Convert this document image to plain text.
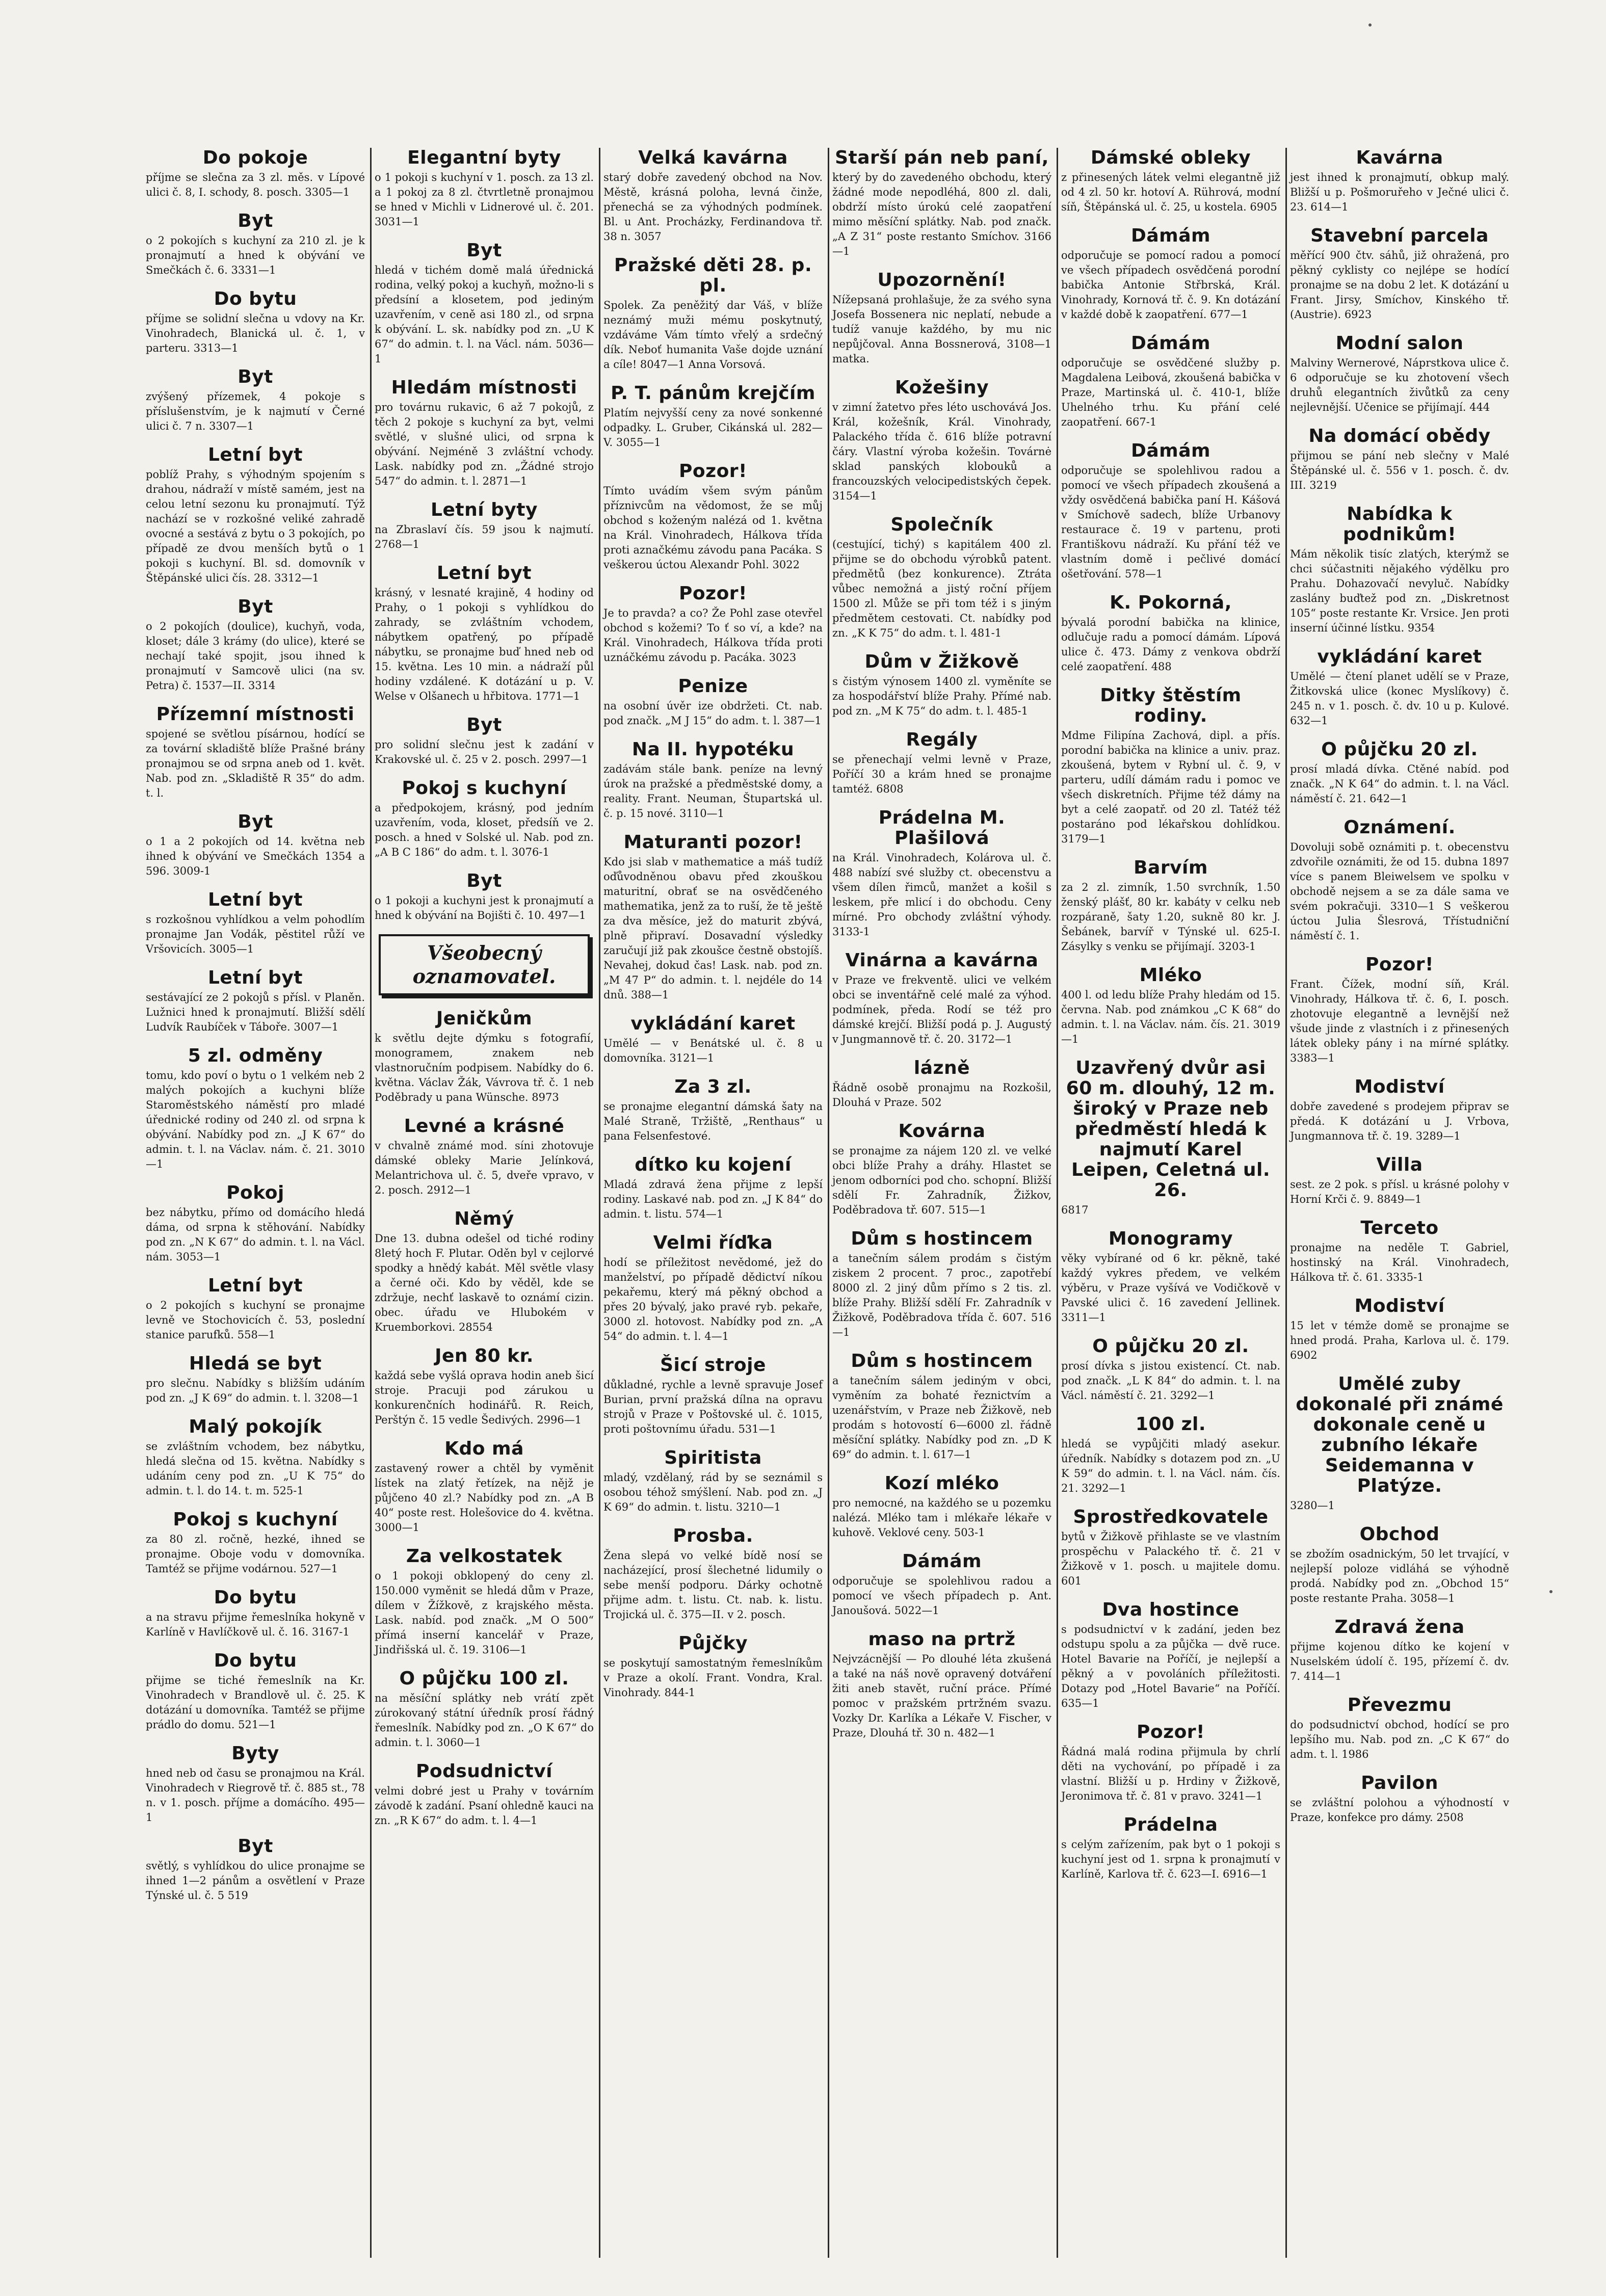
Do pokoje

příjme se slečna za 3 zl. měs. v Lípové ulici č. 8, I. schody, 8. posch. 3305—1

Byt

o 2 pokojích s kuchyní za 210 zl. je k pronajmutí a hned k obývání ve Smečkách č. 6. 3331—1

Do bytu

příjme se solidní slečna u vdovy na Kr. Vinohradech, Blanická ul. č. 1, v parteru. 3313—1

Byt

zvýšený přízemek, 4 pokoje s příslušenstvím, je k najmutí v Černé ulici č. 7 n. 3307—1

Letní byt

poblíž Prahy, s výhodným spojením s drahou, nádraží v místě samém, jest na celou letní sezonu ku pronajmutí. Týž nachází se v rozkošné veliké zahradě ovocné a sestává z bytu o 3 pokojích, po případě ze dvou menších bytů o 1 pokoji s kuchyní. Bl. sd. domovník v Štěpánské ulici čís. 28. 3312—1

Byt

o 2 pokojích (doulice), kuchyň, voda, kloset; dále 3 krámy (do ulice), které se nechají také spojit, jsou ihned k pronajmutí v Samcově ulici (na sv. Petra) č. 1537—II. 3314

Přízemní místnosti

spojené se světlou písárnou, hodící se za tovární skladiště blíže Prašné brány pronajmou se od srpna aneb od 1. květ. Nab. pod zn. „Skladiště R 35“ do adm. t. l.

Byt

o 1 a 2 pokojích od 14. května neb ihned k obývání ve Smečkách 1354 a 596. 3009-1

Letní byt

s rozkošnou vyhlídkou a velm pohodlím pronajme Jan Vodák, pěstitel růží ve Vršovicích. 3005—1

Letní byt

sestávající ze 2 pokojů s přísl. v Planěn. Lužnici hned k pronajmutí. Bližší sdělí Ludvík Raubíček v Táboře. 3007—1

5 zl. odměny

tomu, kdo poví o bytu o 1 velkém neb 2 malých pokojích a kuchyni blíže Staroměstského náměstí pro mladé úřednické rodiny od 240 zl. od srpna k obývání. Nabídky pod zn. „J K 67“ do admin. t. l. na Václav. nám. č. 21. 3010—1

Pokoj

bez nábytku, přímo od domácího hledá dáma, od srpna k stěhování. Nabídky pod zn. „N K 67“ do admin. t. l. na Václ. nám. 3053—1

Letní byt

o 2 pokojích s kuchyní se pronajme levně ve Stochovicích č. 53, poslední stanice parufků. 558—1

Hledá se byt

pro slečnu. Nabídky s bližším udáním pod zn. „J K 69“ do admin. t. l. 3208—1

Malý pokojík

se zvláštním vchodem, bez nábytku, hledá slečna od 15. května. Nabídky s udáním ceny pod zn. „U K 75“ do admin. t. l. do 14. t. m. 525-1

Pokoj s kuchyní

za 80 zl. ročně, hezké, ihned se pronajme. Oboje vodu v domovníka. Tamtéž se přijme vodárnou. 527—1

Do bytu

a na stravu přijme řemeslníka hokyně v Karlíně v Havlíčkově ul. č. 16. 3167-1

Do bytu

přijme se tiché řemeslník na Kr. Vinohradech v Brandlově ul. č. 25. K dotázání u domovníka. Tamtéž se přijme prádlo do domu. 521—1

Byty

hned neb od času se pronajmou na Král. Vinohradech v Riegrově tř. č. 885 st., 78 n. v 1. posch. příjme a domácího. 495—1

Byt

světlý, s vyhlídkou do ulice pronajme se ihned 1—2 pánům a osvětlení v Praze Týnské ul. č. 5 519

Elegantní byty

o 1 pokoji s kuchyní v 1. posch. za 13 zl. a 1 pokoj za 8 zl. čtvrtletně pronajmou se hned v Michli v Lidnerové ul. č. 201. 3031—1

Byt

hledá v tichém domě malá úřednická rodina, velký pokoj a kuchyň, možno-li s předsíní a klosetem, pod jediným uzavřením, v ceně asi 180 zl., od srpna k obývání. L. sk. nabídky pod zn. „U K 67“ do admin. t. l. na Václ. nám. 5036—1

Hledám místnosti

pro továrnu rukavic, 6 až 7 pokojů, z těch 2 pokoje s kuchyní za byt, velmi světlé, v slušné ulici, od srpna k obývání. Nejméně 3 zvláštní vchody. Lask. nabídky pod zn. „Žádné strojo 547“ do admin. t. l. 2871—1

Letní byty

na Zbraslaví čís. 59 jsou k najmutí. 2768—1

Letní byt

krásný, v lesnaté krajině, 4 hodiny od Prahy, o 1 pokoji s vyhlídkou do zahrady, se zvláštním vchodem, nábytkem opatřený, po případě nábytku, se pronajme buď hned neb od 15. května. Les 10 min. a nádraží půl hodiny vzdálené. K dotázání u p. V. Welse v Olšanech u hřbitova. 1771—1

Byt

pro solidní slečnu jest k zadání v Krakovské ul. č. 25 v 2. posch. 2997—1

Pokoj s kuchyní

a předpokojem, krásný, pod jedním uzavřením, voda, kloset, předsíň ve 2. posch. a hned v Solské ul. Nab. pod zn. „A B C 186“ do adm. t. l. 3076-1

Byt

o 1 pokoji a kuchyni jest k pronajmutí a hned k obývání na Bojišti č. 10. 497—1

Všeobecný oznamovatel.
Jeničkům

k světlu dejte dýmku s fotografií, monogramem, znakem neb vlastnoručním podpisem. Nabídky do 6. května. Václav Žák, Vávrova tř. č. 1 neb Poděbrady u pana Wünsche. 8973

Levné a krásné

v chvalně známé mod. síni zhotovuje dámské obleky Marie Jelínková, Melantrichova ul. č. 5, dveře vpravo, v 2. posch. 2912—1

Němý

Dne 13. dubna odešel od tiché rodiny 8letý hoch F. Plutar. Oděn byl v cejlorvé spodky a hnědý kabát. Měl světle vlasy a černé oči. Kdo by věděl, kde se zdržuje, nechť laskavě to oznámí cizin. obec. úřadu ve Hlubokém v Kruemborkovi. 28554

Jen 80 kr.

každá sebe vyšlá oprava hodin aneb šicí stroje. Pracuji pod zárukou u konkurenčních hodinářů. R. Reich, Perštýn č. 15 vedle Šedivých. 2996—1

Kdo má

zastavený rower a chtěl by vyměnit lístek na zlatý řetízek, na nějž je půjčeno 40 zl.? Nabídky pod zn. „A B 40“ poste rest. Holešovice do 4. května. 3000—1

Za velkostatek

o 1 pokoji obklopený do ceny zl. 150.000 vyměnit se hledá dům v Praze, dílem v Žížkově, z krajského města. Lask. nabíd. pod značk. „M O 500“ přímá inserní kancelář v Praze, Jindřišská ul. č. 19. 3106—1

O půjčku 100 zl.

na měsíční splátky neb vrátí zpět zúrokovaný státní úředník prosí řádný řemeslník. Nabídky pod zn. „O K 67“ do admin. t. l. 3060—1

Podsudnictví

velmi dobré jest u Prahy v továrním závodě k zadání. Psaní ohledně kauci na zn. „R K 67“ do adm. t. l. 4—1

Velká kavárna

starý dobře zavedený obchod na Nov. Městě, krásná poloha, levná činže, přenechá se za výhodných podmínek. Bl. u Ant. Procházky, Ferdinandova tř. 38 n. 3057

Pražské děti 28. p. pl.

Spolek. Za peněžitý dar Váš, v blíže neznámý muži mému poskytnutý, vzdáváme Vám tímto vřelý a srdečný dík. Neboť humanita Vaše dojde uznání a cíle! 8047—1 Anna Vorsová.

P. T. pánům krejčím

Platím nejvyšší ceny za nové sonkenné odpadky. L. Gruber, Cikánská ul. 282—V. 3055—1

Pozor!

Tímto uvádím všem svým pánům příznivcům na vědomost, že se můj obchod s koženým nalézá od 1. května na Král. Vinohradech, Hálkova třída proti aznačkému závodu pana Pacáka. S veškerou úctou Alexandr Pohl. 3022

Pozor!

Je to pravda? a co? Že Pohl zase otevřel obchod s kožemi? To ť so ví, a kde? na Král. Vinohradech, Hálkova třída proti uznáčkému závodu p. Pacáka. 3023

Penize

na osobní úvěr ize obdržeti. Ct. nab. pod značk. „M J 15“ do adm. t. l. 387—1

Na II. hypotéku

zadávám stále bank. peníze na levný úrok na pražské a předměstské domy, a reality. Frant. Neuman, Štupartská ul. č. p. 15 nové. 3110—1

Maturanti pozor!

Kdo jsi slab v mathematice a máš tudíž oďůvodněnou obavu před zkouškou maturitní, obrať se na osvědčeného mathematika, jenž za to ruší, že tě ještě za dva měsíce, jež do maturit zbývá, plně připraví. Dosavadní výsledky zaručují již pak zkoušce čestně obstojíš. Nevahej, dokud čas! Lask. nab. pod zn. „M 47 P“ do admin. t. l. nejdéle do 14 dnů. 388—1

vykládání karet

Umělé — v Benátské ul. č. 8 u domovníka. 3121—1

Za 3 zl.

se pronajme elegantní dámská šaty na Malé Straně, Tržiště, „Renthaus“ u pana Felsenfestové.

dítko ku kojení

Mladá zdravá žena přijme z lepší rodiny. Laskavé nab. pod zn. „J K 84“ do admin. t. listu. 574—1

Velmi říďka

hodí se příležitost nevědomé, jež do manželství, po případě dědictví níkou pekařemu, který má pěkný obchod a přes 20 bývalý, jako pravé ryb. pekaře, 3000 zl. hotovost. Nabídky pod zn. „A 54“ do admin. t. l. 4—1

Šicí stroje

důkladné, rychle a levně spravuje Josef Burian, první pražská dílna na opravu strojů v Praze v Poštovské ul. č. 1015, proti poštovnímu úřadu. 531—1

Spiritista

mladý, vzdělaný, rád by se seznámil s osobou téhož smýšlení. Nab. pod zn. „J K 69“ do admin. t. listu. 3210—1

Prosba.

Žena slepá vo velké bídě nosí se nacházející, prosí šlechetné lidumily o sebe menší podporu. Dárky ochotně přijme adm. t. listu. Ct. nab. k. listu. Trojická ul. č. 375—II. v 2. posch.

Půjčky

se poskytují samostatným řemeslníkům v Praze a okolí. Frant. Vondra, Kral. Vinohrady. 844-1

Starší pán neb paní,

který by do zavedeného obchodu, který žádné mode nepodléhá, 800 zl. dali, obdrží místo úrokú celé zaopatření mimo měsíční splátky. Nab. pod značk. „A Z 31“ poste restanto Smíchov. 3166—1

Upozornění!

Nížepsaná prohlašuje, že za svého syna Josefa Bossenera nic neplatí, nebude a tudíž vanuje každého, by mu nic nepůjčoval. Anna Bossnerová, 3108—1 matka.

Kožešiny

v zimní žatetvo přes léto uschovává Jos. Král, kožešník, Král. Vinohrady, Palackého třída č. 616 blíže potravní čáry. Vlastní výroba kožešin. Továrnė sklad panských klobouků a francouzských velocipedistských čepek. 3154—1

Společník

(cestující, tichý) s kapitálem 400 zl. přijme se do obchodu výrobků patent. předmětů (bez konkurence). Ztráta vůbec nemožná a jistý roční příjem 1500 zl. Může se při tom též i s jiným předmětem cestovati. Ct. nabídky pod zn. „K K 75“ do adm. t. l. 481-1

Dům v Žižkově

s čistým výnosem 1400 zl. vyměníte se za hospodářství blíže Prahy. Přímé nab. pod zn. „M K 75“ do adm. t. l. 485-1

Regály

se přenechají velmi levně v Praze, Poříčí 30 a krám hned se pronajme tamtéž. 6808

Prádelna M. Plašilová

na Král. Vinohradech, Kolárova ul. č. 488 nabízí své služby ct. obecenstvu a všem dílen řimců, manžet a košil s leskem, pře mlicí i do obchodu. Ceny mírné. Pro obchody zvláštní výhody. 3133-1

Vinárna a kavárna

v Praze ve frekventě. ulici ve velkém obci se inventářně celé malé za výhod. podmínek, předa. Rodí se též pro dámské krejčí. Bližší podá p. J. Augustý v Jungmannově tř. č. 20. 3172—1

lázně

Řádně osobě pronajmu na Rozkošil, Dlouhá v Praze. 502

Kovárna

se pronajme za nájem 120 zl. ve velké obci blíže Prahy a dráhy. Hlastet se jenom odborníci pod cho. schopní. Bližší sdělí Fr. Zahradník, Žižkov, Poděbradova tř. 607. 515—1

Dům s hostincem

a tanečním sálem prodám s čistým ziskem 2 procent. 7 proc., zapotřebí 8000 zl. 2 jiný dům přímo s 2 tis. zl. blíže Prahy. Bližší sdělí Fr. Zahradník v Žižkově, Poděbradova třída č. 607. 516—1

Dům s hostincem

a tanečním sálem jediným v obci, vyměním za bohaté řeznictvím a uzenářstvím, v Praze neb Žižkově, neb prodám s hotovostí 6—6000 zl. řádně měsíční splátky. Nabídky pod zn. „D K 69“ do admin. t. l. 617—1

Kozí mléko

pro nemocné, na každého se u pozemku nalézá. Mléko tam i mlékaře lékaře v kuhově. Veklové ceny. 503-1

Dámám

odporučuje se spolehlivou radou a pomocí ve všech případech p. Ant. Janoušová. 5022—1

maso na prtrž

Nejvzácnější — Po dlouhé léta zkušená a také na náš nově opravený dotváření žiti aneb stavět, ruční práce. Přímé pomoc v pražském prtržném svazu. Vozky Dr. Karlíka a Lékaře V. Fischer, v Praze, Dlouhá tř. 30 n. 482—1

Dámské obleky

z přinesených látek velmi elegantně již od 4 zl. 50 kr. hotoví A. Rührová, modní síň, Štěpánská ul. č. 25, u kostela. 6905

Dámám

odporučuje se pomocí radou a pomocí ve všech případech osvědčená porodní babička Antonie Střbrská, Král. Vinohrady, Kornová tř. č. 9. Kn dotázání v každé době k zaopatření. 677—1

Dámám

odporučuje se osvědčené služby p. Magdalena Leibová, zkoušená babička v Praze, Martinská ul. č. 410-1, blíže Uhelného trhu. Ku přání celé zaopatření. 667-1

Dámám

odporučuje se spolehlivou radou a pomocí ve všech případech zkoušená a vždy osvědčená babička paní H. Kášová v Smíchově sadech, blíže Urbanovy restaurace č. 19 v partenu, proti Františkovu nádraží. Ku přání též ve vlastním domě i pečlivé domácí ošetřování. 578—1

K. Pokorná,

bývalá porodní babička na klinice, odlučuje radu a pomocí dámám. Lípová ulice č. 473. Dámy z venkova obdrží celé zaopatření. 488

Ditky štěstím rodiny.

Mdme Filipína Zachová, dipl. a přís. porodní babička na klinice a univ. praz. zkoušená, bytem v Rybní ul. č. 9, v parteru, udílí dámám radu i pomoc ve všech diskretních. Přijme též dámy na byt a celé zaopatř. od 20 zl. Tatéž též postaráno pod lékařskou dohlídkou. 3179—1

Barvím

za 2 zl. zimník, 1.50 svrchník, 1.50 ženský plášť, 80 kr. kabáty v celku neb rozpáraně, šaty 1.20, sukně 80 kr. J. Šebánek, barvíř v Týnské ul. 625-I. Zásylky s venku se přijímají. 3203-1

Mléko

400 l. od ledu blíže Prahy hledám od 15. června. Nab. pod známkou „C K 68“ do admin. t. l. na Václav. nám. čís. 21. 3019—1

Uzavřený dvůr asi 60 m. dlouhý, 12 m. široký v Praze neb předměstí hledá k najmutí Karel Leipen, Celetná ul. 26.

6817

Monogramy

věky vybírané od 6 kr. pěkně, také každý vykres předem, ve velkém výběru, v Praze vyšívá ve Vodičkově v Pavské ulici č. 16 zavedení Jellinek. 3311—1

O půjčku 20 zl.

prosí dívka s jistou existencí. Ct. nab. pod značk. „L K 84“ do admin. t. l. na Václ. náměstí č. 21. 3292—1

100 zl.

hledá se vypůjčiti mladý asekur. úředník. Nabídky s dotazem pod zn. „U K 59“ do admin. t. l. na Václ. nám. čís. 21. 3292—1

Sprostředkovatele

bytů v Žižkově přihlaste se ve vlastním prospěchu v Palackého tř. č. 21 v Žižkově v 1. posch. u majitele domu. 601

Dva hostince

s podsudnictví v k zadání, jeden bez odstupu spolu a za půjčka — dvě ruce. Hotel Bavarie na Poříčí, je nejlepší a pěkný a v povoláních příležitosti. Dotazy pod „Hotel Bavarie“ na Poříčí. 635—1

Pozor!

Řádná malá rodina přijmula by chrlí děti na vychování, po případě i za vlastní. Bližší u p. Hrdiny v Žižkově, Jeronimova tř. č. 81 v pravo. 3241—1

Prádelna

s celým zařízením, pak byt o 1 pokoji s kuchyní jest od 1. srpna k pronajmutí v Karlíně, Karlova tř. č. 623—I. 6916—1

Kavárna

jest ihned k pronajmutí, obkup malý. Bližší u p. Pošmoruřeho v Ječné ulici č. 23. 614—1

Stavební parcela

měřící 900 čtv. sáhů, již ohražená, pro pěkný cyklisty co nejlépe se hodící pronajme se na dobu 2 let. K dotázání u Frant. Jirsy, Smíchov, Kinského tř. (Austrie). 6923

Modní salon

Malviny Wernerové, Náprstkova ulice č. 6 odporučuje se ku zhotovení všech druhů elegantních živůtků za ceny nejlevnější. Učenice se přijímají. 444

Na domácí obědy

přijmou se pání neb slečny v Malé Štěpánské ul. č. 556 v 1. posch. č. dv. III. 3219

Nabídka k podnikům!

Mám několik tisíc zlatých, kterýmž se chci súčastniti nějakého výdělku pro Prahu. Dohazovačí nevyluč. Nabídky zaslány buďtež pod zn. „Diskretnost 105“ poste restante Kr. Vrsice. Jen proti inserní účinné lístku. 9354

vykládání karet

Umělé — čtení planet udělí se v Praze, Žitkovská ulice (konec Myslíkovy) č. 245 n. v 1. posch. č. dv. 10 u p. Kulové. 632—1

O půjčku 20 zl.

prosí mladá dívka. Ctěné nabíd. pod značk. „N K 64“ do admin. t. l. na Václ. náměstí č. 21. 642—1

Oznámení.

Dovoluji sobě oznámiti p. t. obecenstvu zdvořile oznámiti, že od 15. dubna 1897 více s panem Bleiwelsem ve spolku v obchodě nejsem a se za dále sama ve svém pokračuji. 3310—1 S veškerou úctou Julia Šlesrová, Třístudniční náměstí č. 1.

Pozor!

Frant. Čížek, modní síň, Král. Vinohrady, Hálkova tř. č. 6, I. posch. zhotovuje elegantně a levnější než všude jinde z vlastních i z přinesených látek obleky pány i na mírné splátky. 3383—1

Modiství

dobře zavedené s prodejem připrav se předá. K dotázání u J. Vrbova, Jungmannova tř. č. 19. 3289—1

Villa

sest. ze 2 pok. s přísl. u krásné polohy v Horní Krči č. 9. 8849—1

Terceto

pronajme na neděle T. Gabriel, hostinský na Král. Vinohradech, Hálkova tř. č. 61. 3335-1

Modiství

15 let v témže domě se pronajme se hned prodá. Praha, Karlova ul. č. 179. 6902

Umělé zuby dokonalé při známé dokonale ceně u zubního lékaře Seidemanna v Platýze.

3280—1

Obchod

se zbožím osadnickým, 50 let trvající, v nejlepší poloze vidláhá se výhodně prodá. Nabídky pod zn. „Obchod 15“ poste restante Praha. 3058—1

Zdravá žena

přijme kojenou dítko ke kojení v Nuselském údolí č. 195, přízemí č. dv. 7. 414—1

Převezmu

do podsudnictví obchod, hodící se pro lepšího mu. Nab. pod zn. „C K 67“ do adm. t. l. 1986

Pavilon

se zvláštní polohou a výhodností v Praze, konfekce pro dámy. 2508
